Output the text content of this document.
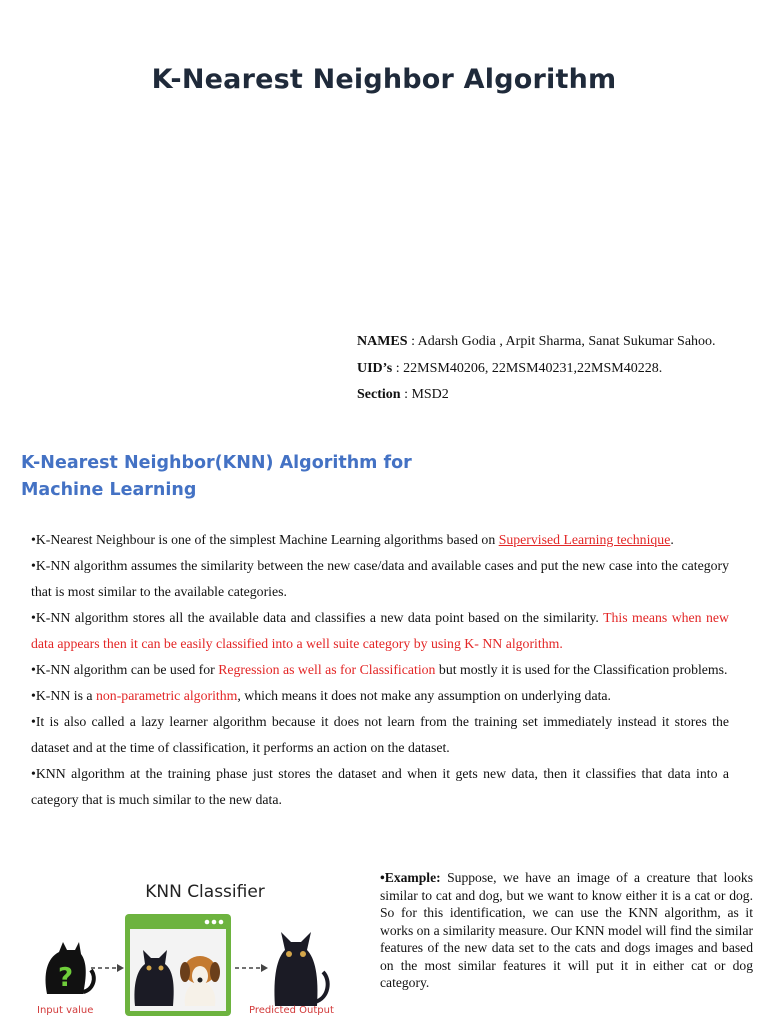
K-Nearest Neighbor Algorithm
NAMES : Adarsh Godia , Arpit Sharma, Sanat Sukumar Sahoo.
UID’s : 22MSM40206, 22MSM40231,22MSM40228.
Section : MSD2
K-Nearest Neighbor(KNN) Algorithm for
Machine Learning

•K-Nearest Neighbour is one of the simplest Machine Learning algorithms based on Supervised Learning technique.

•K-NN algorithm assumes the similarity between the new case/data and available cases and put the new case into the category that is most similar to the available categories.

•K-NN algorithm stores all the available data and classifies a new data point based on the similarity. This means when new data appears then it can be easily classified into a well suite category by using K- NN algorithm.

•K-NN algorithm can be used for Regression as well as for Classification but mostly it is used for the Classification problems.

•K-NN is a non-parametric algorithm, which means it does not make any assumption on underlying data.

•It is also called a lazy learner algorithm because it does not learn from the training set immediately instead it stores the dataset and at the time of classification, it performs an action on the dataset.

•KNN algorithm at the training phase just stores the dataset and when it gets new data, then it classifies that data into a category that is much similar to the new data.

KNN Classifier
?
Input value	Predicted Output
•Example: Suppose, we have an image of a creature that looks similar to cat and dog, but we want to know either it is a cat or dog. So for this identification, we can use the KNN algorithm, as it works on a similarity measure. Our KNN model will find the similar features of the new data set to the cats and dogs images and based on the most similar features it will put it in either cat or dog category.
